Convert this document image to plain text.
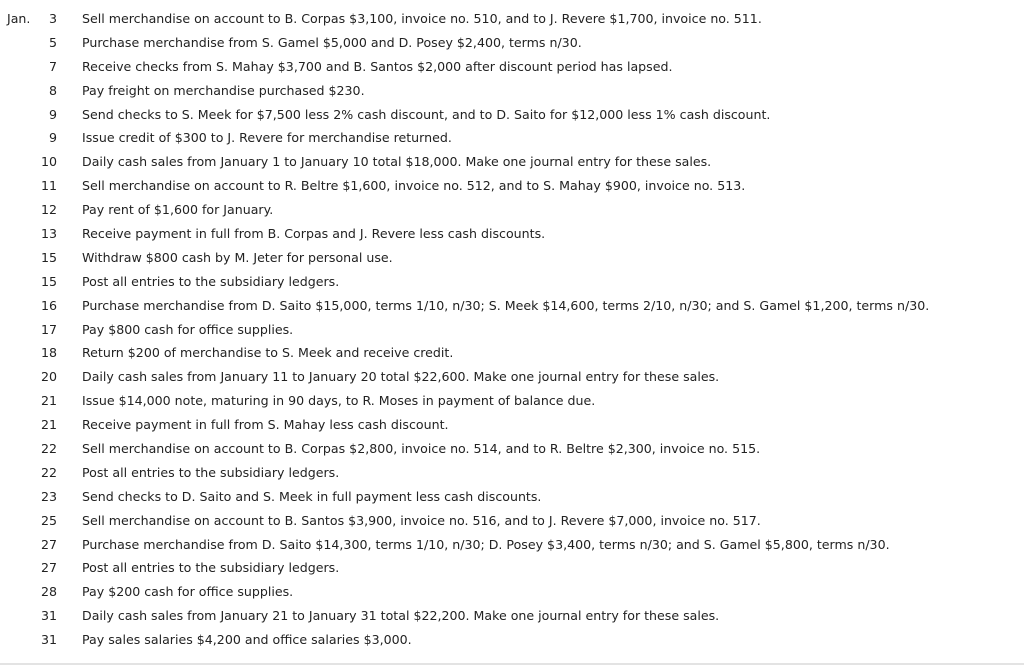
Jan.	3 Sell merchandise on account to B. Corpas $3,100, invoice no. 510, and to J. Revere $1,700, invoice no. 511.
5 Purchase merchandise from S. Gamel $5,000 and D. Posey $2,400, terms n/30.
7 Receive checks from S. Mahay $3,700 and B. Santos $2,000 after discount period has lapsed.
8 Pay freight on merchandise purchased $230.
9 Send checks to S. Meek for $7,500 less 2% cash discount, and to D. Saito for $12,000 less 1% cash discount.
9 Issue credit of $300 to J. Revere for merchandise returned.
10 Daily cash sales from January 1 to January 10 total $18,000. Make one journal entry for these sales.
11 Sell merchandise on account to R. Beltre $1,600, invoice no. 512, and to S. Mahay $900, invoice no. 513.
12 Pay rent of $1,600 for January.
13 Receive payment in full from B. Corpas and J. Revere less cash discounts.
15 Withdraw $800 cash by M. Jeter for personal use.
15 Post all entries to the subsidiary ledgers.
16 Purchase merchandise from D. Saito $15,000, terms 1/10, n/30; S. Meek $14,600, terms 2/10, n/30; and S. Gamel $1,200, terms n/30.
17 Pay $800 cash for office supplies.
18 Return $200 of merchandise to S. Meek and receive credit.
20 Daily cash sales from January 11 to January 20 total $22,600. Make one journal entry for these sales.
21 Issue $14,000 note, maturing in 90 days, to R. Moses in payment of balance due.
21 Receive payment in full from S. Mahay less cash discount.
22 Sell merchandise on account to B. Corpas $2,800, invoice no. 514, and to R. Beltre $2,300, invoice no. 515.
22 Post all entries to the subsidiary ledgers.
23 Send checks to D. Saito and S. Meek in full payment less cash discounts.
25 Sell merchandise on account to B. Santos $3,900, invoice no. 516, and to J. Revere $7,000, invoice no. 517.
27 Purchase merchandise from D. Saito $14,300, terms 1/10, n/30; D. Posey $3,400, terms n/30; and S. Gamel $5,800, terms n/30.
27 Post all entries to the subsidiary ledgers.
28 Pay $200 cash for office supplies.
31 Daily cash sales from January 21 to January 31 total $22,200. Make one journal entry for these sales.
31 Pay sales salaries $4,200 and office salaries $3,000.
